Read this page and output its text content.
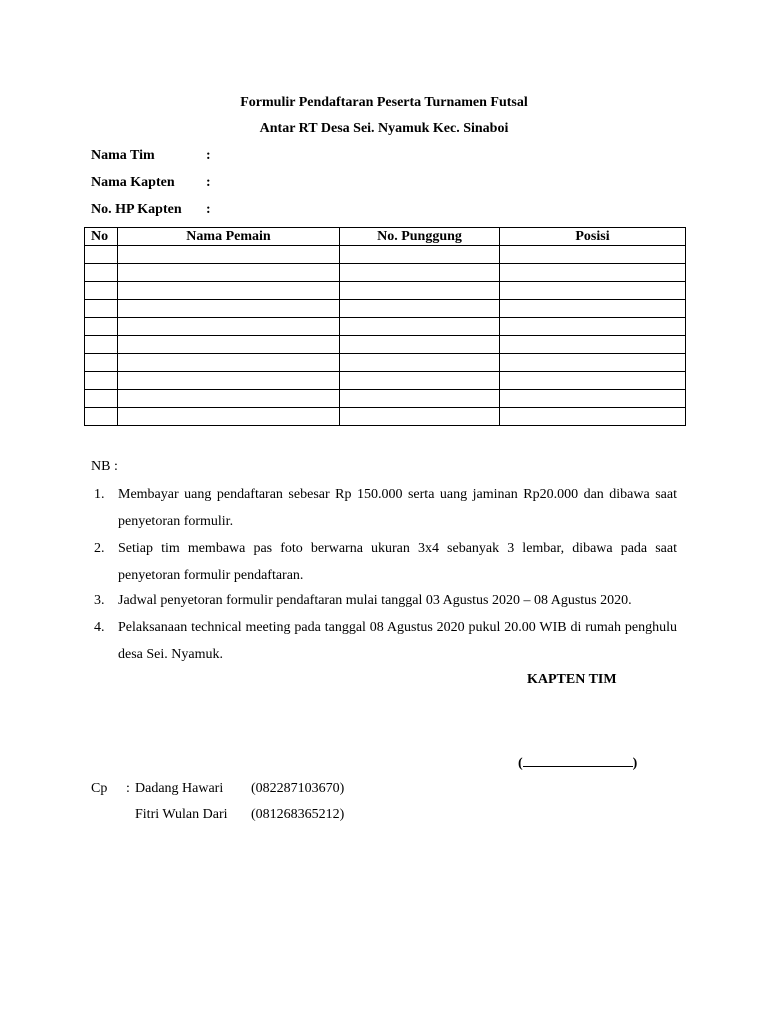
Formulir Pendaftaran Peserta Turnamen Futsal
Antar RT Desa Sei. Nyamuk Kec. Sinaboi
Nama Tim	:
Nama Kapten :
No. HP Kapten :
No	Nama Pemain	No. Punggung	Posisi

NB :
1. Membayar uang pendaftaran sebesar Rp 150.000 serta uang jaminan Rp20.000 dan dibawa saat penyetoran formulir.
2. Setiap tim membawa pas foto berwarna ukuran 3x4 sebanyak 3 lembar, dibawa pada saat penyetoran formulir pendaftaran.
3. Jadwal penyetoran formulir pendaftaran mulai tanggal 03 Agustus 2020 – 08 Agustus 2020.
4. Pelaksanaan technical meeting pada tanggal 08 Agustus 2020 pukul 20.00 WIB di rumah penghulu desa Sei. Nyamuk.
KAPTEN TIM
(	)
Cp : Dadang Hawari (082287103670)
Fitri Wulan Dari (081268365212)
